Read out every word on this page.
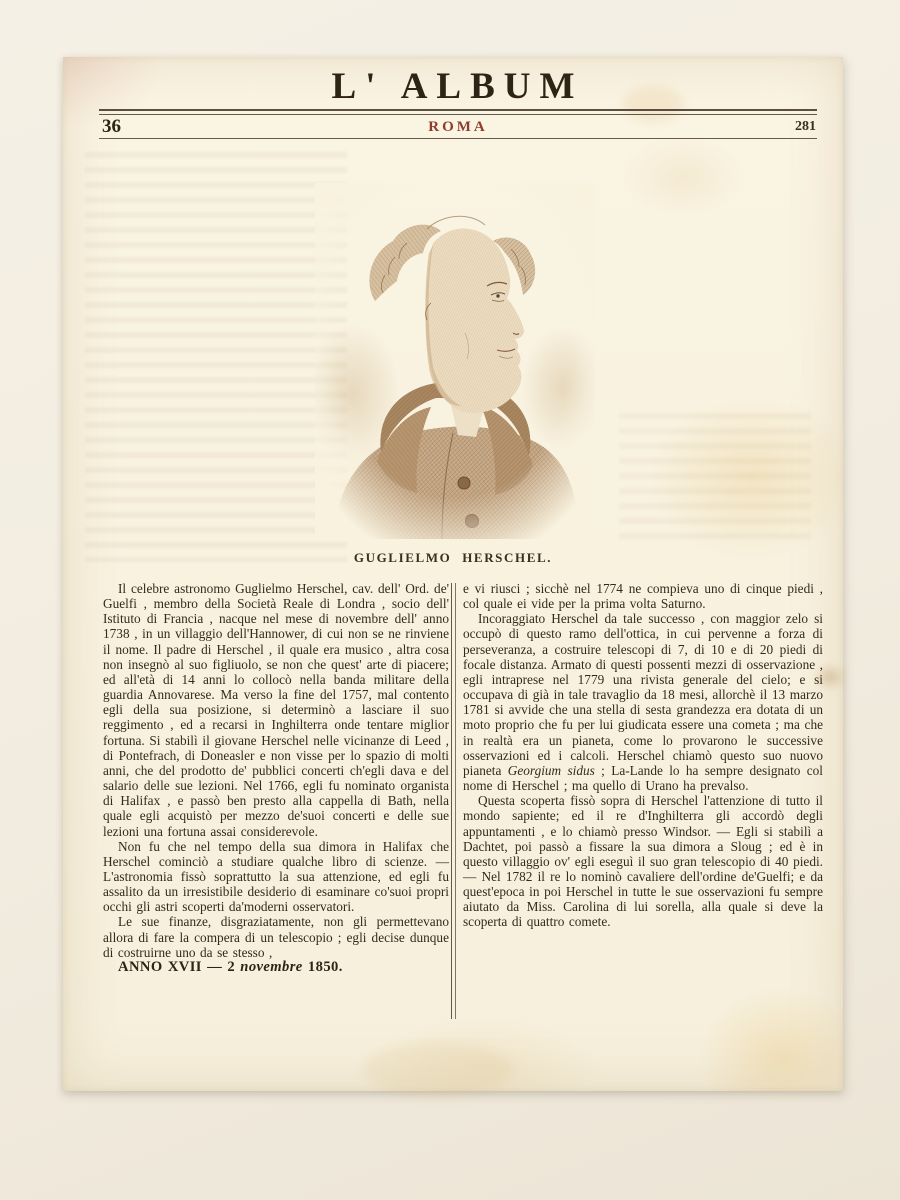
L' ALBUM
36	ROMA	281
GUGLIELMO HERSCHEL.

Il celebre astronomo Guglielmo Herschel, cav. dell' Ord. de' Guelfi , membro della Società Reale di Londra , socio dell' Istituto di Francia , nacque nel mese di novembre dell' anno 1738 , in un villaggio dell'Hannower, di cui non se ne rinviene il nome. Il padre di Herschel , il quale era musico , altra cosa non insegnò al suo figliuolo, se non che quest' arte di piacere; ed all'età di 14 anni lo collocò nella banda militare della guardia Annovarese. Ma verso la fine del 1757, mal contento egli della sua posizione, si determinò a lasciare il suo reggimento , ed a recarsi in Inghilterra onde tentare miglior fortuna. Si stabilì il giovane Herschel nelle vicinanze di Leed , di Pontefrach, di Doneasler e non visse per lo spazio di molti anni, che del prodotto de' pubblici concerti ch'egli dava e del salario delle sue lezioni. Nel 1766, egli fu nominato organista di Halifax , e passò ben presto alla cappella di Bath, nella quale egli acquistò per mezzo de'suoi concerti e delle sue lezioni una fortuna assai considerevole.

Non fu che nel tempo della sua dimora in Halifax che Herschel cominciò a studiare qualche libro di scienze. — L'astronomia fissò soprattutto la sua attenzione, ed egli fu assalito da un irresistibile desiderio di esaminare co'suoi propri occhi gli astri scoperti da'moderni osservatori.

Le sue finanze, disgraziatamente, non gli permettevano allora di fare la compera di un telescopio ; egli decise dunque di costruirne uno da se stesso ,

ANNO XVII — 2 novembre 1850.

e vi riusci ; sicchè nel 1774 ne compieva uno di cinque piedi , col quale ei vide per la prima volta Saturno.

Incoraggiato Herschel da tale successo , con maggior zelo si occupò di questo ramo dell'ottica, in cui pervenne a forza di perseveranza, a costruire telescopi di 7, di 10 e di 20 piedi di focale distanza. Armato di questi possenti mezzi di osservazione , egli intraprese nel 1779 una rivista generale del cielo; e si occupava di già in tale travaglio da 18 mesi, allorchè il 13 marzo 1781 si avvide che una stella di sesta grandezza era dotata di un moto proprio che fu per lui giudicata essere una cometa ; ma che in realtà era un pianeta, come lo provarono le successive osservazioni ed i calcoli. Herschel chiamò questo suo nuovo pianeta Georgium sidus ; La-Lande lo ha sempre designato col nome di Herschel ; ma quello di Urano ha prevalso.

Questa scoperta fissò sopra di Herschel l'attenzione di tutto il mondo sapiente; ed il re d'Inghilterra gli accordò degli appuntamenti , e lo chiamò presso Windsor. — Egli si stabilì a Dachtet, poi passò a fissare la sua dimora a Sloug ; ed è in questo villaggio ov' egli eseguì il suo gran telescopio di 40 piedi. — Nel 1782 il re lo nominò cavaliere dell'ordine de'Guelfi; e da quest'epoca in poi Herschel in tutte le sue osservazioni fu sempre aiutato da Miss. Carolina di lui sorella, alla quale si deve la scoperta di quattro comete.
